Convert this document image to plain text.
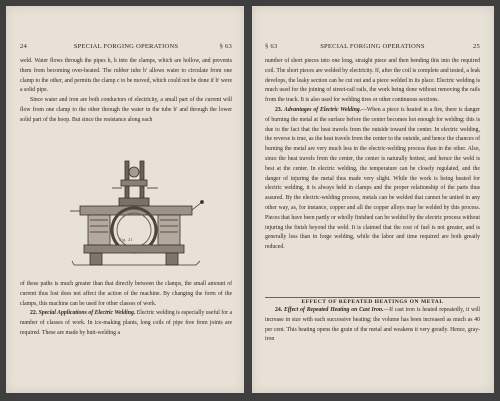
24	SPECIAL FORGING OPERATIONS	§ 63

weld. Water flows through the pipes h, h into the clamps, which are hollow, and prevents them from becoming over-heated. The rubber tube b' allows water to circulate from one clamp to the other, and permits the clamp c to be moved, which could not be done if b' were a solid pipe.

Since water and iron are both conductors of electricity, a small part of the current will flow from one clamp to the other through the water in the tube b' and through the lower solid part of the hoop. But since the resistance along each

Fig. 21

of these paths is much greater than that directly between the clamps, the small amount of current thus lost does not affect the action of the machine. By changing the form of the clamps, this machine can be used for other classes of work.

22. Special Applications of Electric Welding. Electric welding is especially useful for a number of classes of work. In ice-making plants, long coils of pipe free from joints are required. These are made by butt-welding a

§ 63	SPECIAL FORGING OPERATIONS	25

number of short pieces into one long, straight piece and then bending this into the required coil. The short pieces are welded by electricity. If, after the coil is complete and tested, a leak develops, the leaky section can be cut out and a piece welded in its place. Electric welding is much used for the joining of street-rail rails, the work being done without removing the rails from the track. It is also used for welding tires or other continuous sections.

23. Advantages of Electric Welding.—When a piece is heated in a fire, there is danger of burning the metal at the surface before the center becomes hot enough for welding; this is due to the fact that the heat travels from the outside toward the center. In electric welding, the reverse is true, as the heat travels from the center to the outside, and hence the chances of burning the metal are very much less in the electric-welding process than in the other. Also, since the heat travels from the center, the center is naturally hottest, and hence the weld is best at the center. In electric welding, the temperature can be closely regulated, and the danger of injuring the metal thus made very slight. While the work is being heated for electric welding, it is always held in clamps and the proper relationship of the parts thus assured. By the electric-welding process, metals can be welded that cannot be united in any other way, as, for instance, copper and all the copper alloys may be welded by this process. Pieces that have been partly or wholly finished can be welded by the electric process without injuring the finish beyond the weld. It is claimed that the cost of fuel is not greater, and is generally less than in forge welding, while the labor and time required are both greatly reduced.

EFFECT OF REPEATED HEATINGS ON METAL

24. Effect of Repeated Heating on Cast Iron.—If cast iron is heated repeatedly, it will increase in size with each successive heating; the volume has been increased as much as 40 per cent. This heating opens the grain of the metal and weakens it very greatly. Hence, gray-iron
